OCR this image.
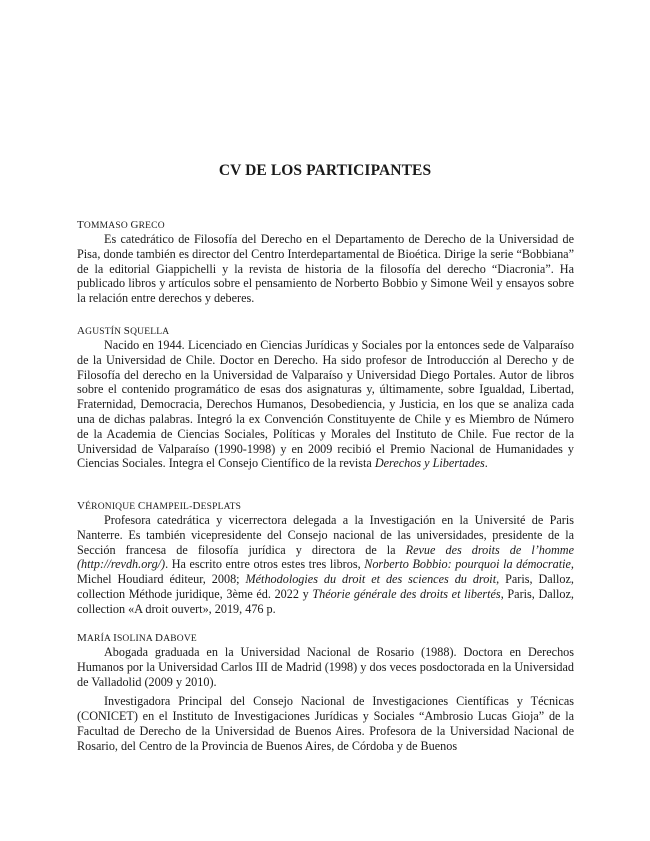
CV DE LOS PARTICIPANTES
TOMMASO GRECO

Es catedrático de Filosofía del Derecho en el Departamento de Derecho de la Universidad de Pisa, donde también es director del Centro Interdepartamental de Bioética. Dirige la serie “Bobbiana” de la editorial Giappichelli y la revista de historia de la filosofía del derecho “Diacronia”. Ha publicado libros y artículos sobre el pensamiento de Norberto Bobbio y Simone Weil y ensayos sobre la relación entre derechos y deberes.

AGUSTÍN SQUELLA

Nacido en 1944. Licenciado en Ciencias Jurídicas y Sociales por la entonces sede de Valparaíso de la Universidad de Chile. Doctor en Derecho. Ha sido profesor de Introducción al Derecho y de Filosofía del derecho en la Universidad de Valparaíso y Universidad Diego Portales. Autor de libros sobre el contenido programático de esas dos asignaturas y, últimamente, sobre Igualdad, Libertad, Fraternidad, Democracia, Derechos Humanos, Desobediencia, y Justicia, en los que se analiza cada una de dichas palabras. Integró la ex Convención Constituyente de Chile y es Miembro de Número de la Academia de Ciencias Sociales, Políticas y Morales del Instituto de Chile. Fue rector de la Universidad de Valparaíso (1990-1998) y en 2009 recibió el Premio Nacional de Humanidades y Ciencias Sociales. Integra el Consejo Científico de la revista Derechos y Libertades.

VÉRONIQUE CHAMPEIL-DESPLATS

Profesora catedrática y vicerrectora delegada a la Investigación en la Université de Paris Nanterre. Es también vicepresidente del Consejo nacional de las universidades, presidente de la Sección francesa de filosofía jurídica y directora de la Revue des droits de l’homme (http://revdh.org/). Ha escrito entre otros estes tres libros, Norberto Bobbio: pourquoi la démocratie, Michel Houdiard éditeur, 2008; Méthodologies du droit et des sciences du droit, Paris, Dalloz, collection Méthode juridique, 3ème éd. 2022 y Théorie générale des droits et libertés, Paris, Dalloz, collection «A droit ouvert», 2019, 476 p.

MARÍA ISOLINA DABOVE

Abogada graduada en la Universidad Nacional de Rosario (1988). Doctora en Derechos Humanos por la Universidad Carlos III de Madrid (1998) y dos veces posdoctorada en la Universidad de Valladolid (2009 y 2010).

Investigadora Principal del Consejo Nacional de Investigaciones Científicas y Técnicas (CONICET) en el Instituto de Investigaciones Jurídicas y Sociales “Ambrosio Lucas Gioja” de la Facultad de Derecho de la Universidad de Buenos Aires. Profesora de la Universidad Nacional de Rosario, del Centro de la Provincia de Buenos Aires, de Córdoba y de Buenos
